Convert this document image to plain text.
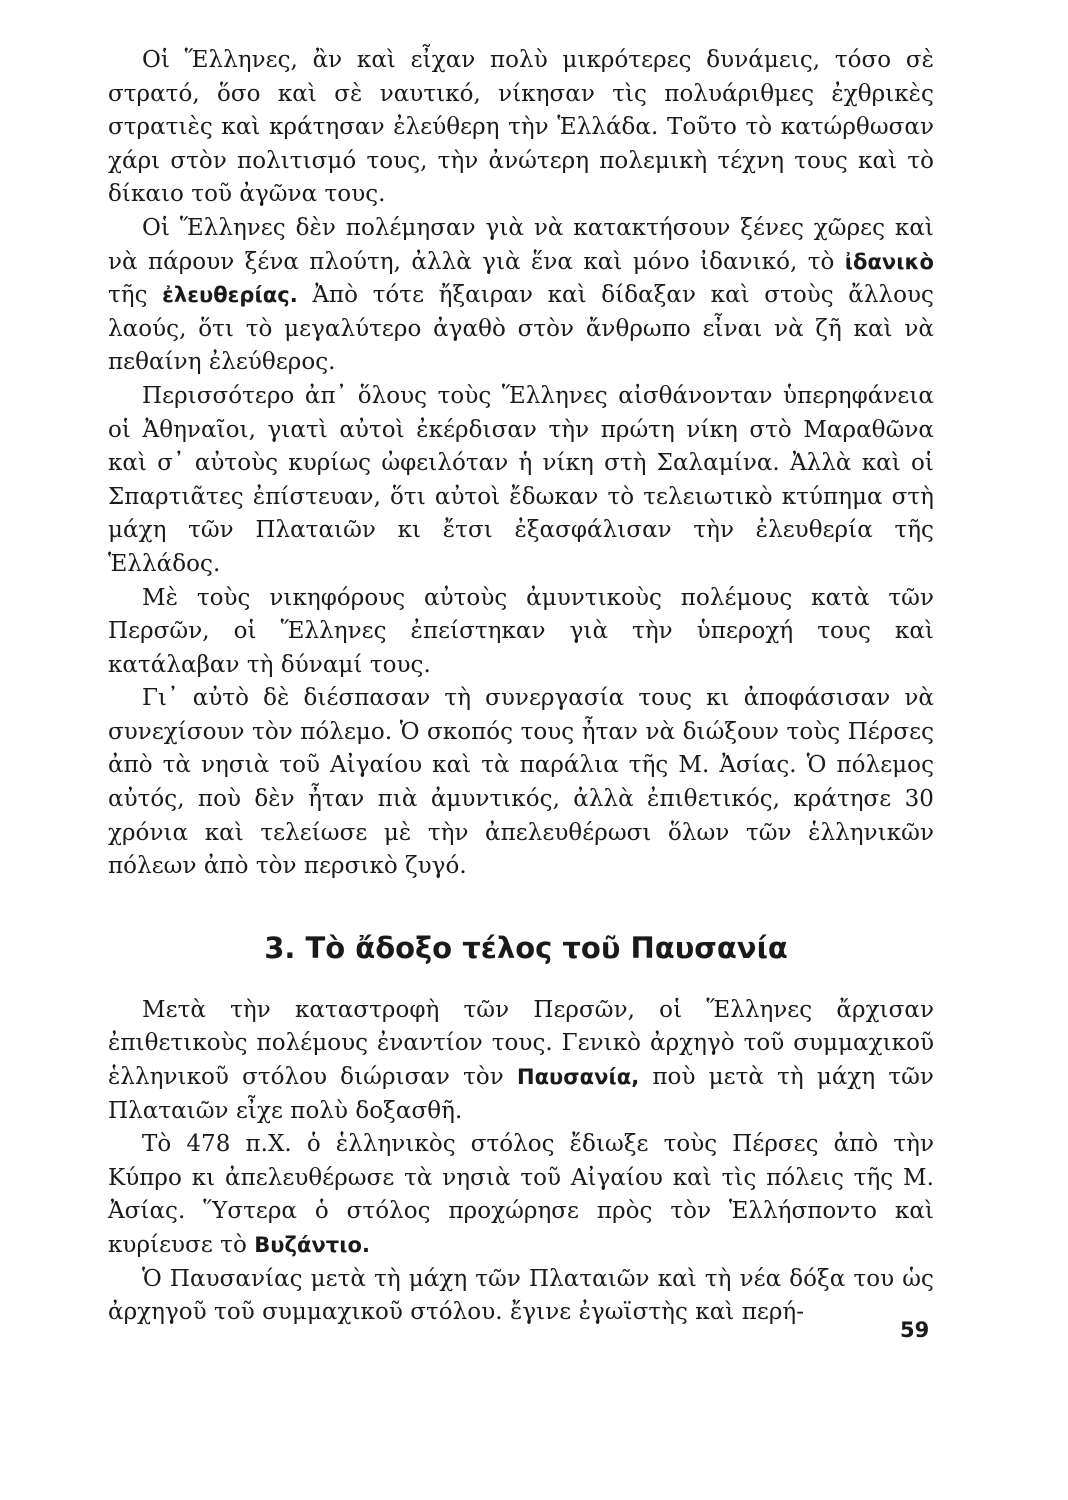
Οἱ Ἕλληνες, ἂν καὶ εἶχαν πολὺ μικρότερες δυνάμεις, τόσο σὲ στρατό, ὅσο καὶ σὲ ναυτικό, νίκησαν τὶς πολυάριθμες ἐχθρικὲς στρατιὲς καὶ κράτησαν ἐλεύθερη τὴν Ἑλλάδα. Τοῦτο τὸ κατώρθωσαν χάρι στὸν πολιτισμό τους, τὴν ἀνώτερη πολεμικὴ τέχνη τους καὶ τὸ δίκαιο τοῦ ἀγῶνα τους.

Οἱ Ἕλληνες δὲν πολέμησαν γιὰ νὰ κατακτήσουν ξένες χῶρες καὶ νὰ πάρουν ξένα πλούτη, ἀλλὰ γιὰ ἕνα καὶ μόνο ἰδανικό, τὸ ἰδανικὸ τῆς ἐλευθερίας. Ἀπὸ τότε ἤξαιραν καὶ δίδαξαν καὶ στοὺς ἄλλους λαούς, ὅτι τὸ μεγαλύτερο ἀγαθὸ στὸν ἄνθρωπο εἶναι νὰ ζῆ καὶ νὰ πεθαίνη ἐλεύθερος.

Περισσότερο ἀπ᾽ ὅλους τοὺς Ἕλληνες αἰσθάνονταν ὑπερηφάνεια οἱ Ἀθηναῖοι, γιατὶ αὐτοὶ ἐκέρδισαν τὴν πρώτη νίκη στὸ Μαραθῶνα καὶ σ᾽ αὐτοὺς κυρίως ὠφειλόταν ἡ νίκη στὴ Σαλαμίνα. Ἀλλὰ καὶ οἱ Σπαρτιᾶτες ἐπίστευαν, ὅτι αὐτοὶ ἔδωκαν τὸ τελειωτικὸ κτύπημα στὴ μάχη τῶν Πλαταιῶν κι ἔτσι ἐξασφάλισαν τὴν ἐλευθερία τῆς Ἑλλάδος.

Μὲ τοὺς νικηφόρους αὐτοὺς ἀμυντικοὺς πολέμους κατὰ τῶν Περσῶν, οἱ Ἕλληνες ἐπείστηκαν γιὰ τὴν ὑπεροχή τους καὶ κατάλαβαν τὴ δύναμί τους.

Γι᾽ αὐτὸ δὲ διέσπασαν τὴ συνεργασία τους κι ἀποφάσισαν νὰ συνεχίσουν τὸν πόλεμο. Ὁ σκοπός τους ἦταν νὰ διώξουν τοὺς Πέρσες ἀπὸ τὰ νησιὰ τοῦ Αἰγαίου καὶ τὰ παράλια τῆς Μ. Ἀσίας. Ὁ πόλεμος αὐτός, ποὺ δὲν ἦταν πιὰ ἀμυντικός, ἀλλὰ ἐπιθετικός, κράτησε 30 χρόνια καὶ τελείωσε μὲ τὴν ἀπελευθέρωσι ὅλων τῶν ἑλληνικῶν πόλεων ἀπὸ τὸν περσικὸ ζυγό.

3. Τὸ ἄδοξο τέλος τοῦ Παυσανία

Μετὰ τὴν καταστροφὴ τῶν Περσῶν, οἱ Ἕλληνες ἄρχισαν ἐπιθετικοὺς πολέμους ἐναντίον τους. Γενικὸ ἀρχηγὸ τοῦ συμμαχικοῦ ἑλληνικοῦ στόλου διώρισαν τὸν Παυσανία, ποὺ μετὰ τὴ μάχη τῶν Πλαταιῶν εἶχε πολὺ δοξασθῆ.

Τὸ 478 π.Χ. ὁ ἑλληνικὸς στόλος ἔδιωξε τοὺς Πέρσες ἀπὸ τὴν Κύπρο κι ἀπελευθέρωσε τὰ νησιὰ τοῦ Αἰγαίου καὶ τὶς πόλεις τῆς Μ. Ἀσίας. Ὕστερα ὁ στόλος προχώρησε πρὸς τὸν Ἑλλήσποντο καὶ κυρίευσε τὸ Βυζάντιο.

Ὁ Παυσανίας μετὰ τὴ μάχη τῶν Πλαταιῶν καὶ τὴ νέα δόξα του ὡς ἀρχηγοῦ τοῦ συμμαχικοῦ στόλου. ἔγινε ἐγωϊστὴς καὶ περή-

59
